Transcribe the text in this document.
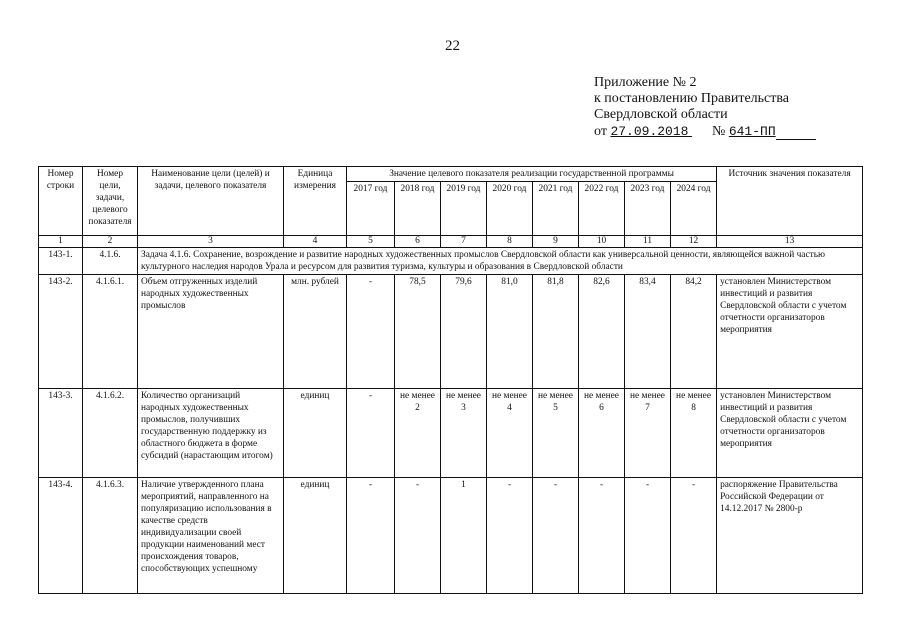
22
Приложение № 2
к постановлению Правительства
Свердловской области
от 27.09.2018 № 641-ПП
Номер строки	Номер цели, задачи, целевого показателя	Наименование цели (целей) и задачи, целевого показателя	Единица измерения	Значение целевого показателя реализации государственной программы								Источник значения показателя
				2017 год	2018 год	2019 год	2020 год	2021 год	2022 год	2023 год	2024 год	
1	2	3	4	5	6	7	8	9	10	11	12	13
143-1.	4.1.6.	Задача 4.1.6. Сохранение, возрождение и развитие народных художественных промыслов Свердловской области как универсальной ценности, являющейся важной частью культурного наследия народов Урала и ресурсом для развития туризма, культуры и образования в Свердловской области										
143-2.	4.1.6.1.	Объем отгруженных изделий народных художественных промыслов	млн. рублей	-	78,5	79,6	81,0	81,8	82,6	83,4	84,2	установлен Министерством инвестиций и развития Свердловской области с учетом отчетности организаторов мероприятия
143-3.	4.1.6.2.	Количество организаций народных художественных промыслов, получивших государственную поддержку из областного бюджета в форме субсидий (нарастающим итогом)	единиц	-	не менее 2	не менее 3	не менее 4	не менее 5	не менее 6	не менее 7	не менее 8	установлен Министерством инвестиций и развития Свердловской области с учетом отчетности организаторов мероприятия
143-4.	4.1.6.3.	Наличие утвержденного плана мероприятий, направленного на популяризацию использования в качестве средств индивидуализации своей продукции наименований мест происхождения товаров, способствующих успешному	единиц	-	-	1	-	-	-	-	-	распоряжение Правительства Российской Федерации от 14.12.2017 № 2800-р
